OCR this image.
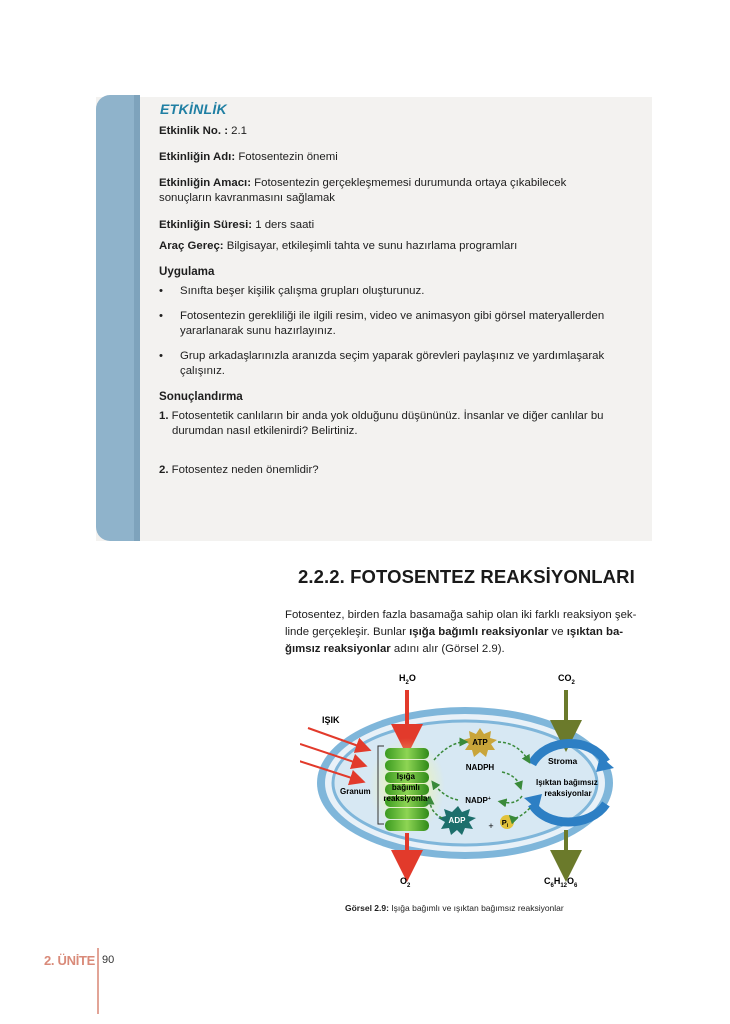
ETKİNLİK
Etkinlik No. : 2.1
Etkinliğin Adı: Fotosentezin önemi
Etkinliğin Amacı: Fotosentezin gerçekleşmemesi durumunda ortaya çıkabilecek
sonuçların kavranmasını sağlamak
Etkinliğin Süresi: 1 ders saati
Araç Gereç: Bilgisayar, etkileşimli tahta ve sunu hazırlama programları
Uygulama
• Sınıfta beşer kişilik çalışma grupları oluşturunuz.
• Fotosentezin gerekliliği ile ilgili resim, video ve animasyon gibi görsel materyallerden
yararlanarak sunu hazırlayınız.
• Grup arkadaşlarınızla aranızda seçim yaparak görevleri paylaşınız ve yardımlaşarak
çalışınız.
Sonuçlandırma
1. Fotosentetik canlıların bir anda yok olduğunu düşününüz. İnsanlar ve diğer canlılar bu
durumdan nasıl etkilenirdi? Belirtiniz.
2. Fotosentez neden önemlidir?
2.2.2. FOTOSENTEZ REAKSİYONLARI
Fotosentez, birden fazla basamağa sahip olan iki farklı reaksiyon şek-
linde gerçekleşir. Bunlar ışığa bağımlı reaksiyonlar ve ışıktan ba-
ğımsız reaksiyonlar adını alır (Görsel 2.9).
$H_2O$	$CO_2$
IŞIK
Işığa bağımlı reaksiyonlar
Granum
$O_2$	$C_6H_{12}O_6$
Stroma
Işıktan bağımsız reaksiyonlar
ATP
ADP
+ $P_i$
NADPH
NADP+
Görsel 2.9: Işığa bağımlı ve ışıktan bağımsız reaksiyonlar
2. ÜNİTE 90
